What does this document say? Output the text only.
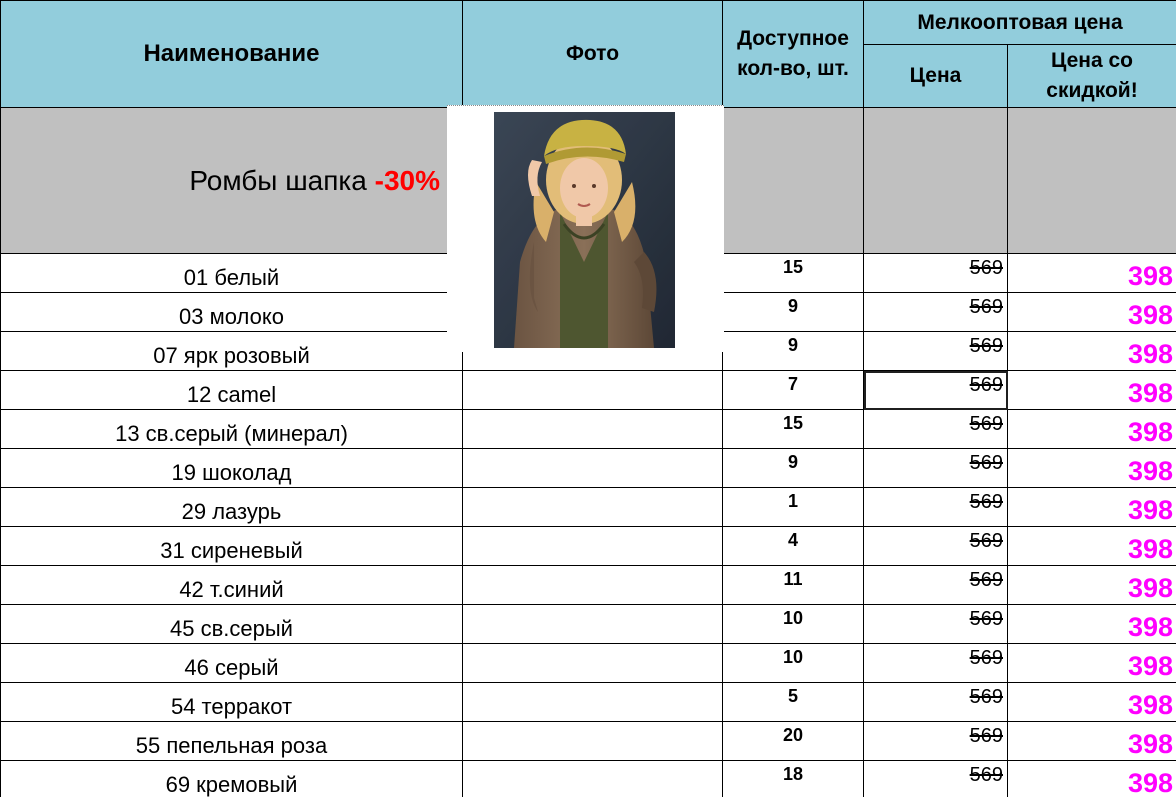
Наименование	Фото	Доступное кол-во, шт.	Мелкооптовая цена	
			Цена	Цена со скидкой!
Ромбы шапка -30%				
01 белый		15	569	398
03 молоко		9	569	398
07 ярк розовый		9	569	398
12 camel		7	569	398
13 св.серый (минерал)		15	569	398
19 шоколад		9	569	398
29 лазурь		1	569	398
31 сиреневый		4	569	398
42 т.синий		11	569	398
45 св.серый		10	569	398
46 серый		10	569	398
54 терракот		5	569	398
55 пепельная роза		20	569	398
69 кремовый		18	569	398
